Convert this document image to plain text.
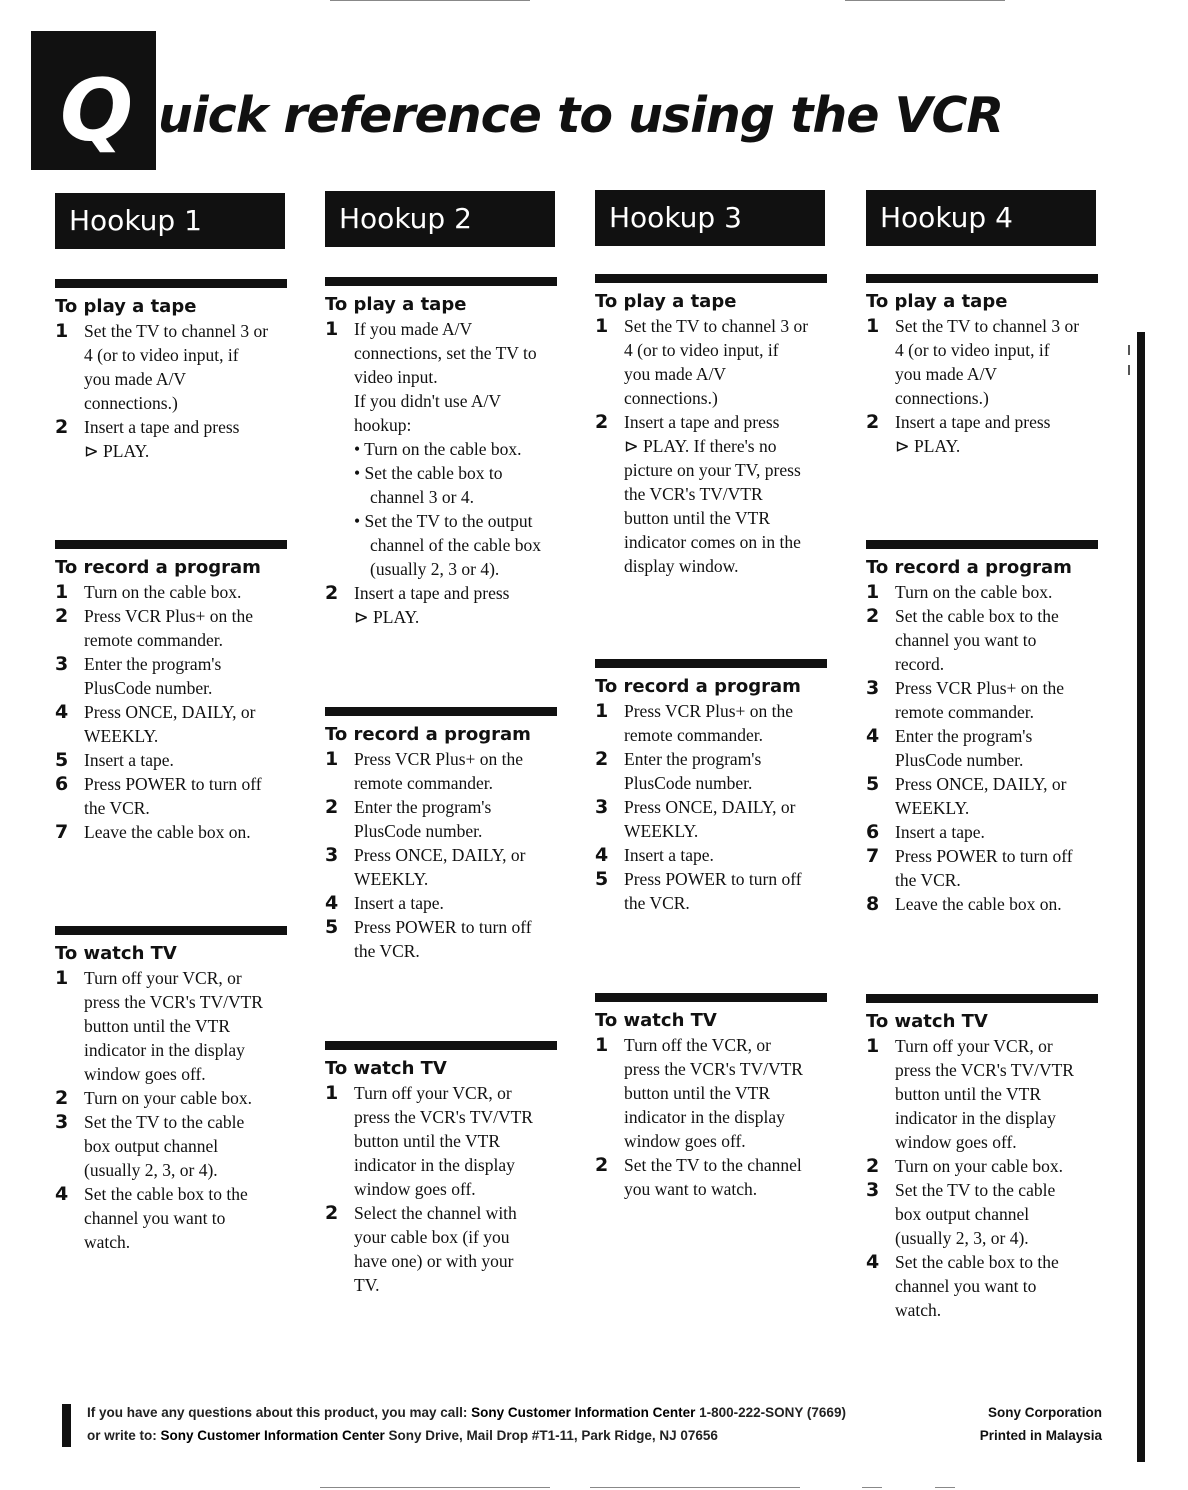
Q uick reference to using the VCR
Hookup 1
To play a tape
1 Set the TV to channel 3 or
4 (or to video input, if
you made A/V
connections.)
2 Insert a tape and press
⊳ PLAY.
To record a program
1 Turn on the cable box.
2 Press VCR Plus+ on the
remote commander.
3 Enter the program's
PlusCode number.
4 Press ONCE, DAILY, or
WEEKLY.
5 Insert a tape.
6 Press POWER to turn off
the VCR.
7 Leave the cable box on.
To watch TV
1 Turn off your VCR, or
press the VCR's TV/VTR
button until the VTR
indicator in the display
window goes off.
2 Turn on your cable box.
3 Set the TV to the cable
box output channel
(usually 2, 3, or 4).
4 Set the cable box to the
channel you want to
watch.
Hookup 2
To play a tape
1 If you made A/V
connections, set the TV to
video input.
If you didn't use A/V
hookup:
• Turn on the cable box.
• Set the cable box to
channel 3 or 4.
• Set the TV to the output
channel of the cable box
(usually 2, 3 or 4).
2 Insert a tape and press
⊳ PLAY.
To record a program
1 Press VCR Plus+ on the
remote commander.
2 Enter the program's
PlusCode number.
3 Press ONCE, DAILY, or
WEEKLY.
4 Insert a tape.
5 Press POWER to turn off
the VCR.
To watch TV
1 Turn off your VCR, or
press the VCR's TV/VTR
button until the VTR
indicator in the display
window goes off.
2 Select the channel with
your cable box (if you
have one) or with your
TV.
Hookup 3
To play a tape
1 Set the TV to channel 3 or
4 (or to video input, if
you made A/V
connections.)
2 Insert a tape and press
⊳ PLAY. If there's no
picture on your TV, press
the VCR's TV/VTR
button until the VTR
indicator comes on in the
display window.
To record a program
1 Press VCR Plus+ on the
remote commander.
2 Enter the program's
PlusCode number.
3 Press ONCE, DAILY, or
WEEKLY.
4 Insert a tape.
5 Press POWER to turn off
the VCR.
To watch TV
1 Turn off the VCR, or
press the VCR's TV/VTR
button until the VTR
indicator in the display
window goes off.
2 Set the TV to the channel
you want to watch.
Hookup 4
To play a tape
1 Set the TV to channel 3 or
4 (or to video input, if
you made A/V
connections.)
2 Insert a tape and press
⊳ PLAY.
To record a program
1 Turn on the cable box.
2 Set the cable box to the
channel you want to
record.
3 Press VCR Plus+ on the
remote commander.
4 Enter the program's
PlusCode number.
5 Press ONCE, DAILY, or
WEEKLY.
6 Insert a tape.
7 Press POWER to turn off
the VCR.
8 Leave the cable box on.
To watch TV
1 Turn off your VCR, or
press the VCR's TV/VTR
button until the VTR
indicator in the display
window goes off.
2 Turn on your cable box.
3 Set the TV to the cable
box output channel
(usually 2, 3, or 4).
4 Set the cable box to the
channel you want to
watch.
If you have any questions about this product, you may call: Sony Customer Information Center 1-800-222-SONY (7669)
or write to: Sony Customer Information Center Sony Drive, Mail Drop #T1-11, Park Ridge, NJ 07656
Sony Corporation
Printed in Malaysia
